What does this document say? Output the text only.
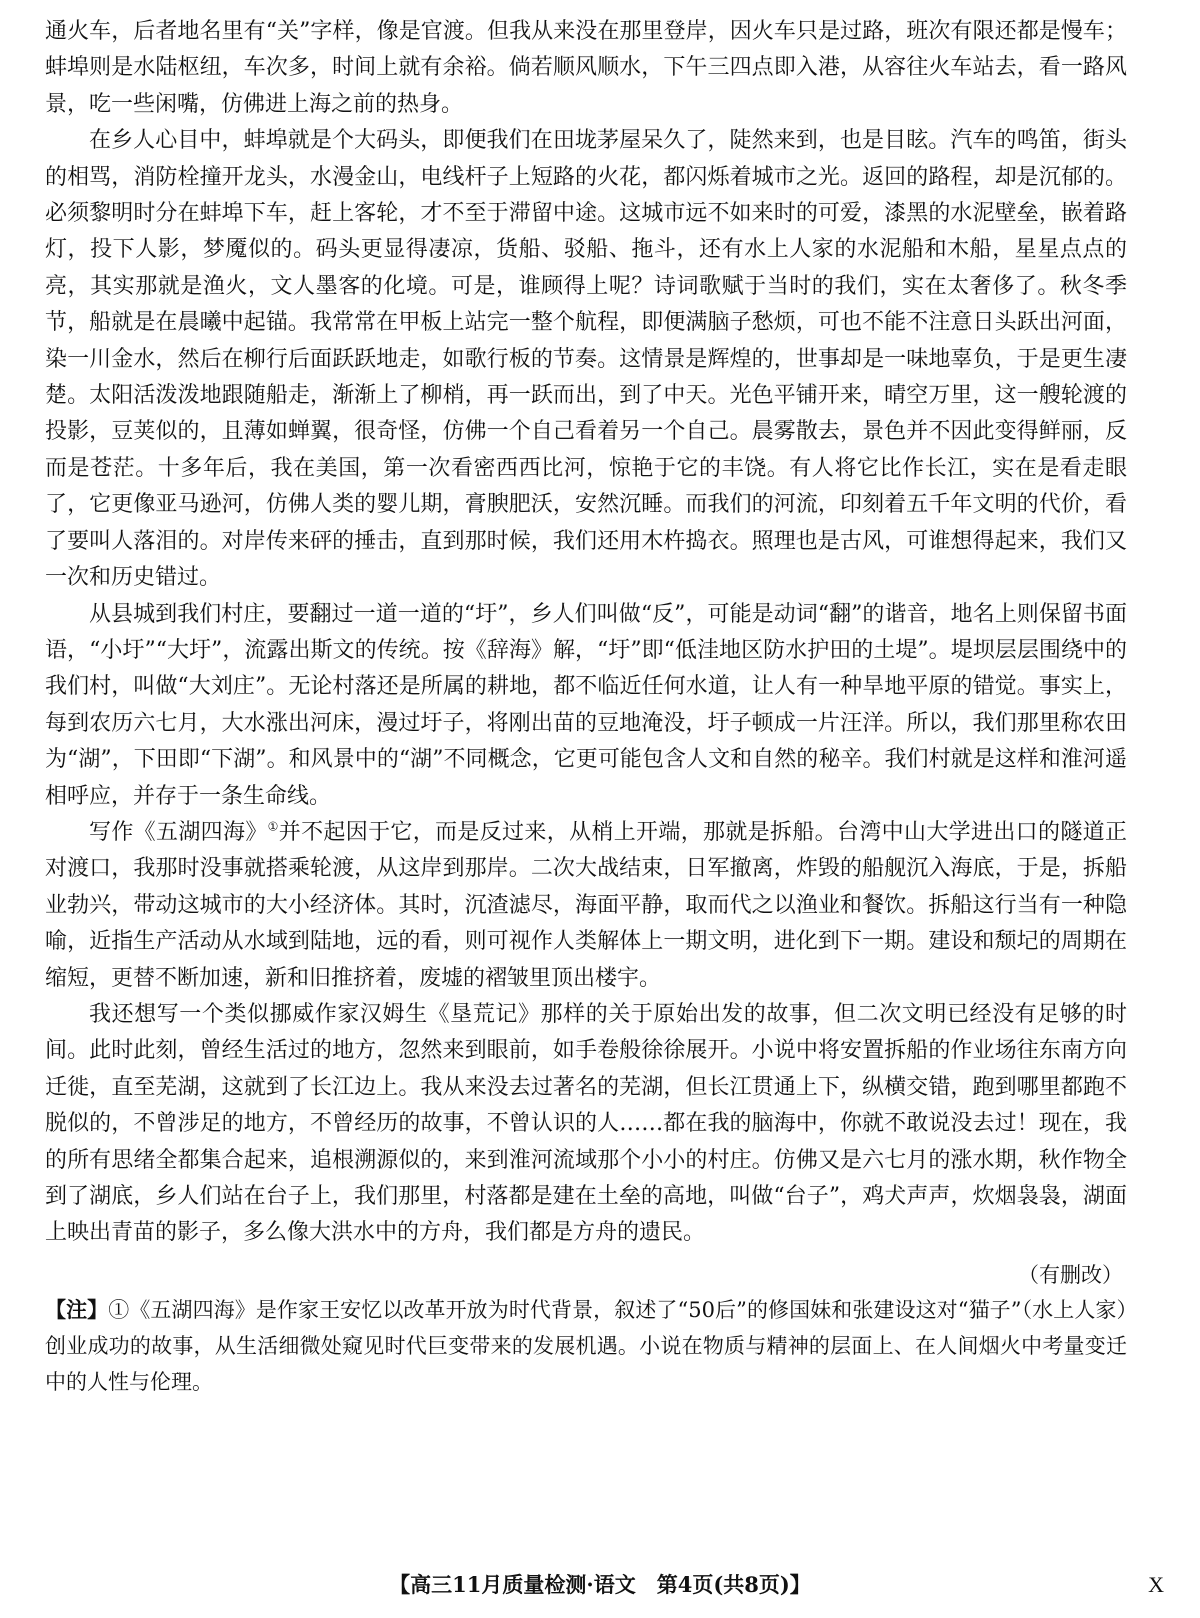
通火车，后者地名里有“关”字样，像是官渡。但我从来没在那里登岸，因火车只是过路，班次有限还都是慢车；蚌埠则是水陆枢纽，车次多，时间上就有余裕。倘若顺风顺水，下午三四点即入港，从容往火车站去，看一路风景，吃一些闲嘴，仿佛进上海之前的热身。

在乡人心目中，蚌埠就是个大码头，即便我们在田垅茅屋呆久了，陡然来到，也是目眩。汽车的鸣笛，街头的相骂，消防栓撞开龙头，水漫金山，电线杆子上短路的火花，都闪烁着城市之光。返回的路程，却是沉郁的。必须黎明时分在蚌埠下车，赶上客轮，才不至于滞留中途。这城市远不如来时的可爱，漆黑的水泥壁垒，嵌着路灯，投下人影，梦魇似的。码头更显得凄凉，货船、驳船、拖斗，还有水上人家的水泥船和木船，星星点点的亮，其实那就是渔火，文人墨客的化境。可是，谁顾得上呢？诗词歌赋于当时的我们，实在太奢侈了。秋冬季节，船就是在晨曦中起锚。我常常在甲板上站完一整个航程，即便满脑子愁烦，可也不能不注意日头跃出河面，染一川金水，然后在柳行后面跃跃地走，如歌行板的节奏。这情景是辉煌的，世事却是一味地辜负，于是更生凄楚。太阳活泼泼地跟随船走，渐渐上了柳梢，再一跃而出，到了中天。光色平铺开来，晴空万里，这一艘轮渡的投影，豆荚似的，且薄如蝉翼，很奇怪，仿佛一个自己看着另一个自己。晨雾散去，景色并不因此变得鲜丽，反而是苍茫。十多年后，我在美国，第一次看密西西比河，惊艳于它的丰饶。有人将它比作长江，实在是看走眼了，它更像亚马逊河，仿佛人类的婴儿期，膏腴肥沃，安然沉睡。而我们的河流，印刻着五千年文明的代价，看了要叫人落泪的。对岸传来砰的捶击，直到那时候，我们还用木杵捣衣。照理也是古风，可谁想得起来，我们又一次和历史错过。

从县城到我们村庄，要翻过一道一道的“圩”，乡人们叫做“反”，可能是动词“翻”的谐音，地名上则保留书面语，“小圩”“大圩”，流露出斯文的传统。按《辞海》解，“圩”即“低洼地区防水护田的土堤”。堤坝层层围绕中的我们村，叫做“大刘庄”。无论村落还是所属的耕地，都不临近任何水道，让人有一种旱地平原的错觉。事实上，每到农历六七月，大水涨出河床，漫过圩子，将刚出苗的豆地淹没，圩子顿成一片汪洋。所以，我们那里称农田为“湖”，下田即“下湖”。和风景中的“湖”不同概念，它更可能包含人文和自然的秘辛。我们村就是这样和淮河遥相呼应，并存于一条生命线。

写作《五湖四海》①并不起因于它，而是反过来，从梢上开端，那就是拆船。台湾中山大学进出口的隧道正对渡口，我那时没事就搭乘轮渡，从这岸到那岸。二次大战结束，日军撤离，炸毁的船舰沉入海底，于是，拆船业勃兴，带动这城市的大小经济体。其时，沉渣滤尽，海面平静，取而代之以渔业和餐饮。拆船这行当有一种隐喻，近指生产活动从水域到陆地，远的看，则可视作人类解体上一期文明，进化到下一期。建设和颓圮的周期在缩短，更替不断加速，新和旧推挤着，废墟的褶皱里顶出楼宇。

我还想写一个类似挪威作家汉姆生《垦荒记》那样的关于原始出发的故事，但二次文明已经没有足够的时间。此时此刻，曾经生活过的地方，忽然来到眼前，如手卷般徐徐展开。小说中将安置拆船的作业场往东南方向迁徙，直至芜湖，这就到了长江边上。我从来没去过著名的芜湖，但长江贯通上下，纵横交错，跑到哪里都跑不脱似的，不曾涉足的地方，不曾经历的故事，不曾认识的人……都在我的脑海中，你就不敢说没去过！现在，我的所有思绪全都集合起来，追根溯源似的，来到淮河流域那个小小的村庄。仿佛又是六七月的涨水期，秋作物全到了湖底，乡人们站在台子上，我们那里，村落都是建在土垒的高地，叫做“台子”，鸡犬声声，炊烟袅袅，湖面上映出青苗的影子，多么像大洪水中的方舟，我们都是方舟的遗民。

（有删改）

【注】①《五湖四海》是作家王安忆以改革开放为时代背景，叙述了“50后”的修国妹和张建设这对“猫子”（水上人家）创业成功的故事，从生活细微处窥见时代巨变带来的发展机遇。小说在物质与精神的层面上、在人间烟火中考量变迁中的人性与伦理。

【高三11月质量检测·语文　第4页(共8页)】	X
